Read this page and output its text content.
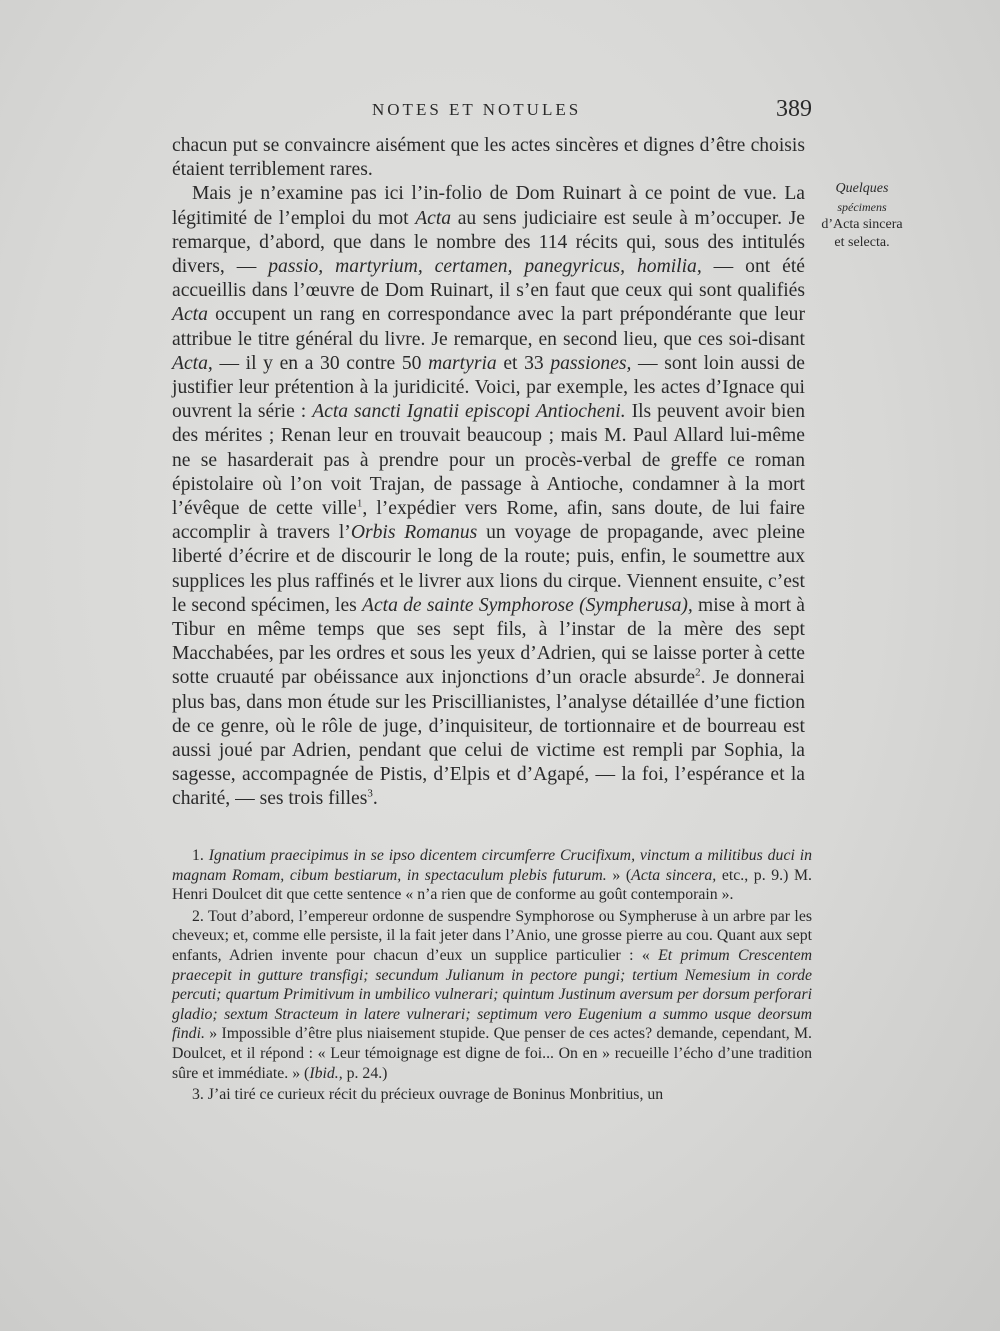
NOTES ET NOTULES	389
Quelques
spécimens
d’Acta sincera
et selecta.

chacun put se convaincre aisément que les actes sincères et dignes d’être choisis étaient terriblement rares.

Mais je n’examine pas ici l’in-folio de Dom Ruinart à ce point de vue. La légitimité de l’emploi du mot Acta au sens judiciaire est seule à m’occuper. Je remarque, d’abord, que dans le nombre des 114 récits qui, sous des intitulés divers, — passio, martyrium, certamen, panegyricus, homilia, — ont été accueillis dans l’œuvre de Dom Ruinart, il s’en faut que ceux qui sont qualifiés Acta occupent un rang en correspondance avec la part prépondérante que leur attribue le titre général du livre. Je remarque, en second lieu, que ces soi-disant Acta, — il y en a 30 contre 50 martyria et 33 passiones, — sont loin aussi de justifier leur prétention à la juridicité. Voici, par exemple, les actes d’Ignace qui ouvrent la série : Acta sancti Ignatii episcopi Antiocheni. Ils peuvent avoir bien des mérites ; Renan leur en trouvait beaucoup ; mais M. Paul Allard lui-même ne se hasarderait pas à prendre pour un procès-verbal de greffe ce roman épistolaire où l’on voit Trajan, de passage à Antioche, condamner à la mort l’évêque de cette ville$^1$, l’expédier vers Rome, afin, sans doute, de lui faire accomplir à travers l’Orbis Romanus un voyage de propagande, avec pleine liberté d’écrire et de discourir le long de la route; puis, enfin, le soumettre aux supplices les plus raffinés et le livrer aux lions du cirque. Viennent ensuite, c’est le second spécimen, les Acta de sainte Symphorose (Sympherusa), mise à mort à Tibur en même temps que ses sept fils, à l’instar de la mère des sept Macchabées, par les ordres et sous les yeux d’Adrien, qui se laisse porter à cette sotte cruauté par obéissance aux injonctions d’un oracle absurde$^2$. Je donnerai plus bas, dans mon étude sur les Priscillianistes, l’analyse détaillée d’une fiction de ce genre, où le rôle de juge, d’inquisiteur, de tortionnaire et de bourreau est aussi joué par Adrien, pendant que celui de victime est rempli par Sophia, la sagesse, accompagnée de Pistis, d’Elpis et d’Agapé, — la foi, l’espérance et la charité, — ses trois filles$^3$.

1. Ignatium praecipimus in se ipso dicentem circumferre Crucifixum, vinctum a militibus duci in magnam Romam, cibum bestiarum, in spectaculum plebis futurum. » (Acta sincera, etc., p. 9.) M. Henri Doulcet dit que cette sentence « n’a rien que de conforme au goût contemporain ».

2. Tout d’abord, l’empereur ordonne de suspendre Symphorose ou Sympheruse à un arbre par les cheveux; et, comme elle persiste, il la fait jeter dans l’Anio, une grosse pierre au cou. Quant aux sept enfants, Adrien invente pour chacun d’eux un supplice particulier : « Et primum Crescentem praecepit in gutture transfigi; secundum Julianum in pectore pungi; tertium Nemesium in corde percuti; quartum Primitivum in umbilico vulnerari; quintum Justinum aversum per dorsum perforari gladio; sextum Stracteum in latere vulnerari; septimum vero Eugenium a summo usque deorsum findi. » Impossible d’être plus niaisement stupide. Que penser de ces actes? demande, cependant, M. Doulcet, et il répond : « Leur témoignage est digne de foi... On en » recueille l’écho d’une tradition sûre et immédiate. » (Ibid., p. 24.)

3. J’ai tiré ce curieux récit du précieux ouvrage de Boninus Monbritius, un
